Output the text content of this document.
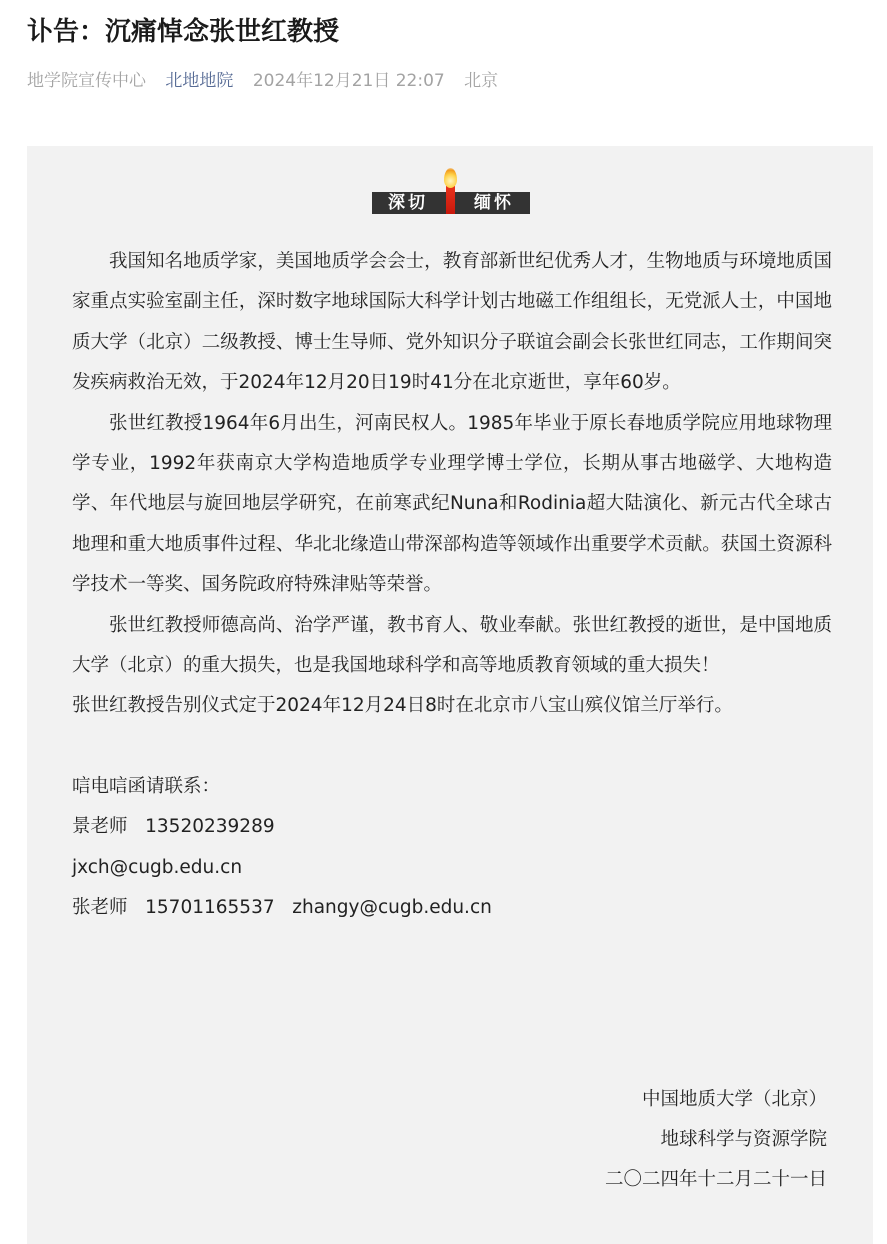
讣告：沉痛悼念张世红教授
地学院宣传中心 北地地院 2024年12月21日 22:07 北京
深切	缅怀

我国知名地质学家，美国地质学会会士，教育部新世纪优秀人才，生物地质与环境地质国家重点实验室副主任，深时数字地球国际大科学计划古地磁工作组组长，无党派人士，中国地质大学（北京）二级教授、博士生导师、党外知识分子联谊会副会长张世红同志，工作期间突发疾病救治无效，于2024年12月20日19时41分在北京逝世，享年60岁。

张世红教授1964年6月出生，河南民权人。1985年毕业于原长春地质学院应用地球物理学专业，1992年获南京大学构造地质学专业理学博士学位，长期从事古地磁学、大地构造学、年代地层与旋回地层学研究，在前寒武纪Nuna和Rodinia超大陆演化、新元古代全球古地理和重大地质事件过程、华北北缘造山带深部构造等领域作出重要学术贡献。获国土资源科学技术一等奖、国务院政府特殊津贴等荣誉。

张世红教授师德高尚、治学严谨，教书育人、敬业奉献。张世红教授的逝世，是中国地质大学（北京）的重大损失，也是我国地球科学和高等地质教育领域的重大损失！

张世红教授告别仪式定于2024年12月24日8时在北京市八宝山殡仪馆兰厅举行。

唁电唁函请联系：

景老师   13520239289

jxch@cugb.edu.cn

张老师   15701165537   zhangy@cugb.edu.cn

中国地质大学（北京）
地球科学与资源学院
二〇二四年十二月二十一日
